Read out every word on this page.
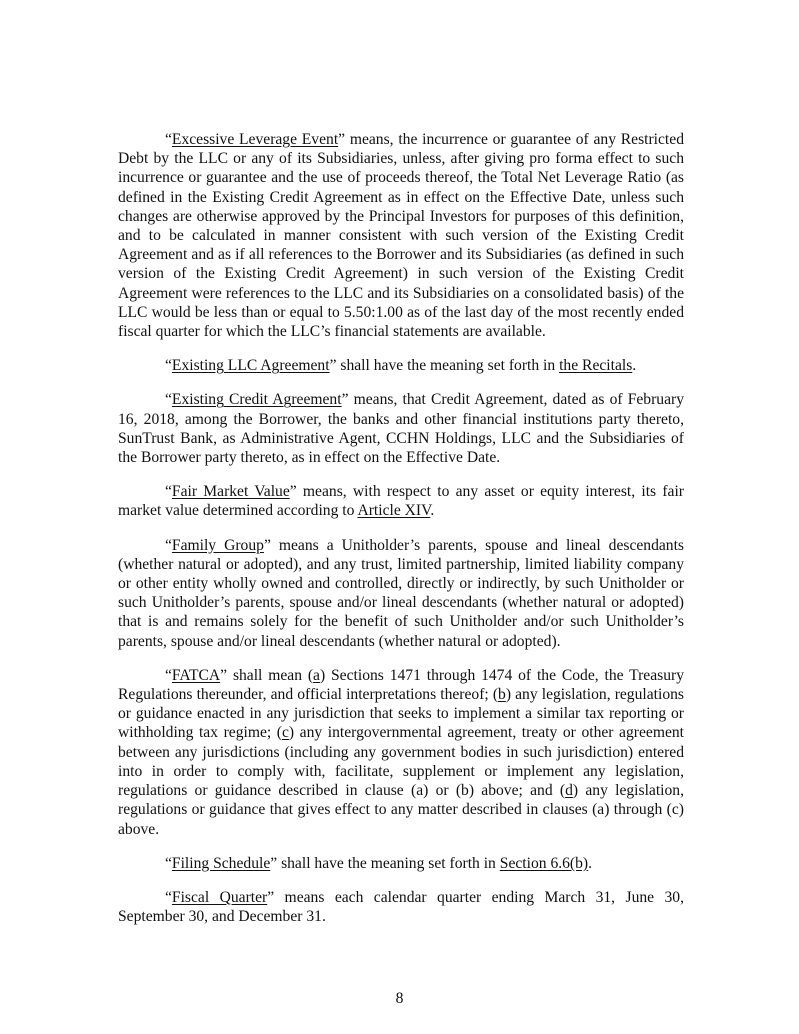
“Excessive Leverage Event” means, the incurrence or guarantee of any Restricted Debt by the LLC or any of its Subsidiaries, unless, after giving pro forma effect to such incurrence or guarantee and the use of proceeds thereof, the Total Net Leverage Ratio (as defined in the Existing Credit Agreement as in effect on the Effective Date, unless such changes are otherwise approved by the Principal Investors for purposes of this definition, and to be calculated in manner consistent with such version of the Existing Credit Agreement and as if all references to the Borrower and its Subsidiaries (as defined in such version of the Existing Credit Agreement) in such version of the Existing Credit Agreement were references to the LLC and its Subsidiaries on a consolidated basis) of the LLC would be less than or equal to 5.50:1.00 as of the last day of the most recently ended fiscal quarter for which the LLC’s financial statements are available.

“Existing LLC Agreement” shall have the meaning set forth in the Recitals.

“Existing Credit Agreement” means, that Credit Agreement, dated as of February 16, 2018, among the Borrower, the banks and other financial institutions party thereto, SunTrust Bank, as Administrative Agent, CCHN Holdings, LLC and the Subsidiaries of the Borrower party thereto, as in effect on the Effective Date.

“Fair Market Value” means, with respect to any asset or equity interest, its fair market value determined according to Article XIV.

“Family Group” means a Unitholder’s parents, spouse and lineal descendants (whether natural or adopted), and any trust, limited partnership, limited liability company or other entity wholly owned and controlled, directly or indirectly, by such Unitholder or such Unitholder’s parents, spouse and/or lineal descendants (whether natural or adopted) that is and remains solely for the benefit of such Unitholder and/or such Unitholder’s parents, spouse and/or lineal descendants (whether natural or adopted).

“FATCA” shall mean (a) Sections 1471 through 1474 of the Code, the Treasury Regulations thereunder, and official interpretations thereof; (b) any legislation, regulations or guidance enacted in any jurisdiction that seeks to implement a similar tax reporting or withholding tax regime; (c) any intergovernmental agreement, treaty or other agreement between any jurisdictions (including any government bodies in such jurisdiction) entered into in order to comply with, facilitate, supplement or implement any legislation, regulations or guidance described in clause (a) or (b) above; and (d) any legislation, regulations or guidance that gives effect to any matter described in clauses (a) through (c) above.

“Filing Schedule” shall have the meaning set forth in Section 6.6(b).

“Fiscal Quarter” means each calendar quarter ending March 31, June 30, September 30, and December 31.

8
